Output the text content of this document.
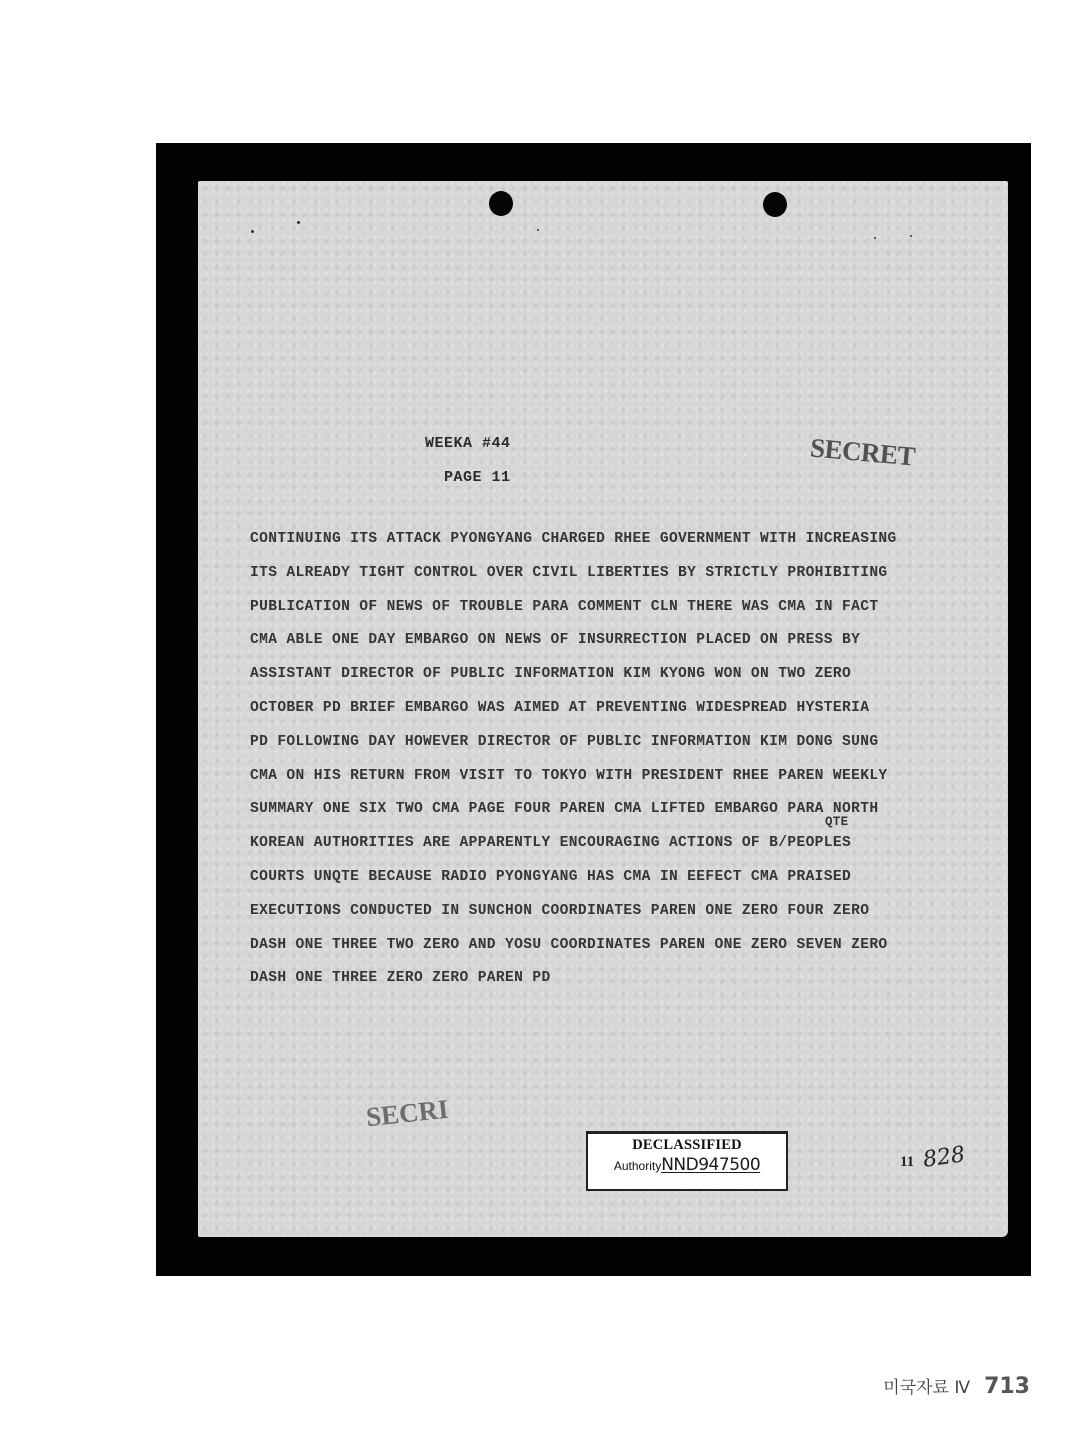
WEEKA #44
PAGE 11
SECRET
QTE
CONTINUING ITS ATTACK PYONGYANG CHARGED RHEE GOVERNMENT WITH INCREASING
ITS ALREADY TIGHT CONTROL OVER CIVIL LIBERTIES BY STRICTLY PROHIBITING
PUBLICATION OF NEWS OF TROUBLE PARA COMMENT CLN THERE WAS CMA IN FACT
CMA ABLE ONE DAY EMBARGO ON NEWS OF INSURRECTION PLACED ON PRESS BY
ASSISTANT DIRECTOR OF PUBLIC INFORMATION KIM KYONG WON ON TWO ZERO
OCTOBER PD BRIEF EMBARGO WAS AIMED AT PREVENTING WIDESPREAD HYSTERIA
PD FOLLOWING DAY HOWEVER DIRECTOR OF PUBLIC INFORMATION KIM DONG SUNG
CMA ON HIS RETURN FROM VISIT TO TOKYO WITH PRESIDENT RHEE PAREN WEEKLY
SUMMARY ONE SIX TWO CMA PAGE FOUR PAREN CMA LIFTED EMBARGO PARA NORTH
KOREAN AUTHORITIES ARE APPARENTLY ENCOURAGING ACTIONS OF B/PEOPLES
COURTS UNQTE BECAUSE RADIO PYONGYANG HAS CMA IN EEFECT CMA PRAISED
EXECUTIONS CONDUCTED IN SUNCHON COORDINATES PAREN ONE ZERO FOUR ZERO
DASH ONE THREE TWO ZERO AND YOSU COORDINATES PAREN ONE ZERO SEVEN ZERO
DASH ONE THREE ZERO ZERO PAREN PD
SECRI
DECLASSIFIED
AuthorityNND947500	11 828
미국자료 Ⅳ 713
